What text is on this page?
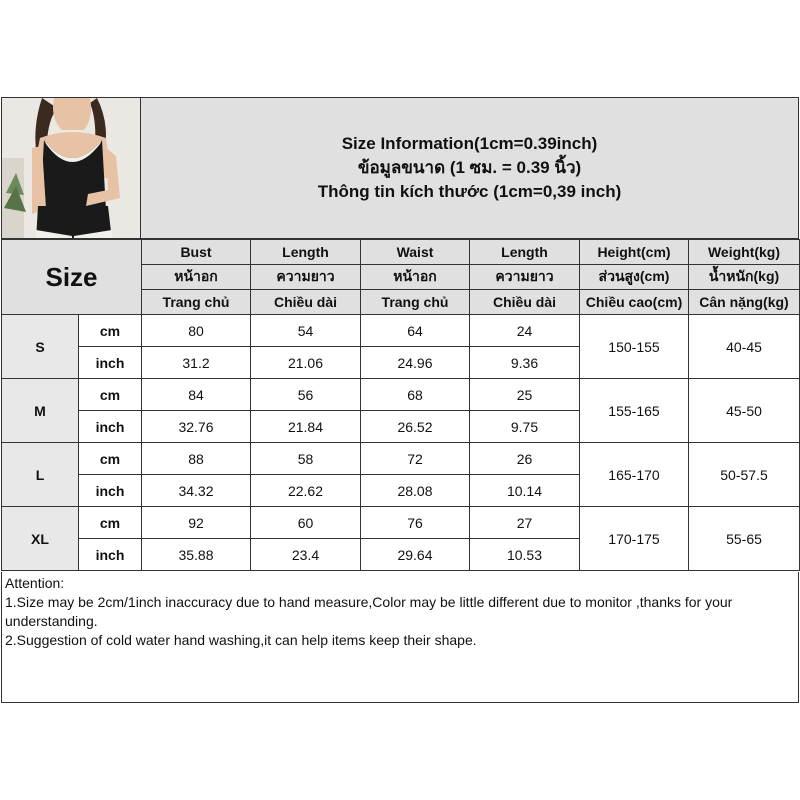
Size Information(1cm=0.39inch)
ข้อมูลขนาด (1 ซม. = 0.39 นิ้ว)
Thông tin kích thước (1cm=0,39 inch)
Size		Bust	Length	Waist	Length	Height(cm)	Weight(kg)
		หน้าอก	ความยาว	หน้าอก	ความยาว	ส่วนสูง(cm)	น้ำหนัก(kg)
		Trang chủ	Chiều dài	Trang chủ	Chiều dài	Chiều cao(cm)	Cân nặng(kg)
S	cm	80	54	64	24	150-155	40-45
	inch	31.2	21.06	24.96	9.36		
M	cm	84	56	68	25	155-165	45-50
	inch	32.76	21.84	26.52	9.75		
L	cm	88	58	72	26	165-170	50-57.5
	inch	34.32	22.62	28.08	10.14		
XL	cm	92	60	76	27	170-175	55-65
	inch	35.88	23.4	29.64	10.53		

Attention:

1.Size may be 2cm/1inch inaccuracy due to hand measure,Color may be little different due to monitor ,thanks for your understanding.

2.Suggestion of cold water hand washing,it can help items keep their shape.
